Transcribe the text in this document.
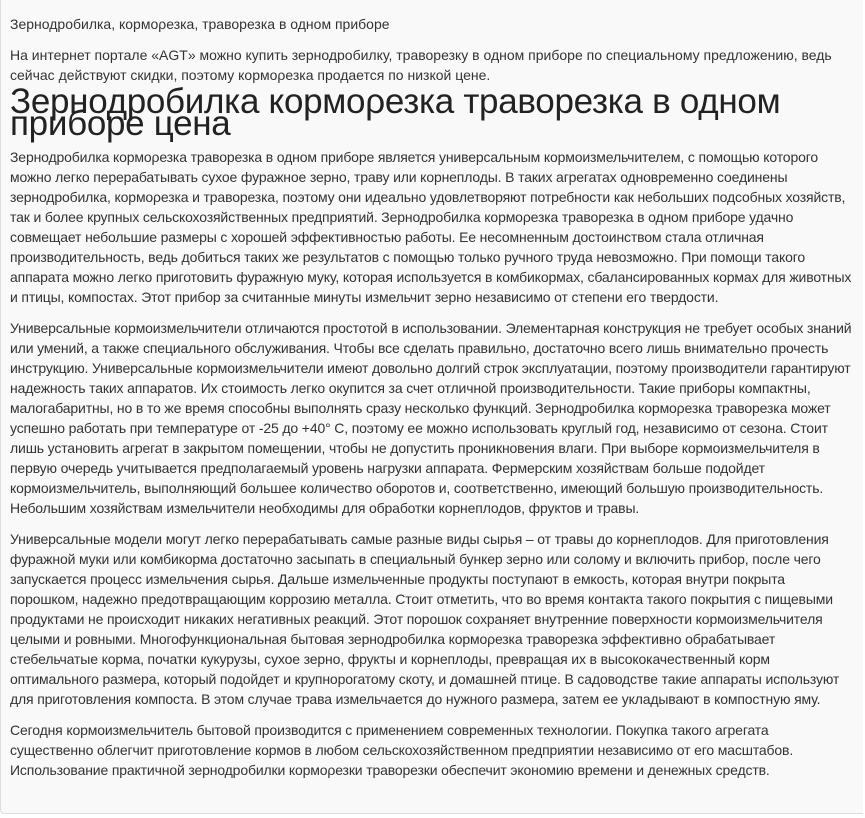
Зернодробилка, кормορезка, траворезка в одном приборе

На интернет портале «AGT» можно купить зернодробилку, траворезку в одном приборе по специальному предложению, ведь сейчас действуют скидки, поэтому кормορезка продается по низкой цене.

Зернодробилка кормορезка траворезка в одном приборе цена

Зернодробилка кормορезка траворезка в одном приборе является универсальным кормоизмельчителем, с помощью которого можно легко перерабатывать сухое фуражное зерно, траву или корнеплоды. В таких агрегатах одновременно соединены зернодробилка, кормορезка и траворезка, поэтому они идеально удовлетворяют потребности как небольших подсобных хозяйств, так и более крупных сельскохозяйственных предприятий. Зернодробилка кормορезка траворезка в одном приборе удачно совмещает небольшие размеры с хорошей эффективностью работы. Ее несомненным достоинством стала отличная производительность, ведь добиться таких же результатов с помощью только ручного труда невозможно. При помощи такого аппарата можно легко приготовить фуражную муку, которая используется в комбикормах, сбалансированных кормах для животных и птицы, компостах. Этот прибор за считанные минуты измельчит зерно независимо от степени его твердости.

Универсальные кормоизмельчители отличаются простотой в использовании. Элементарная конструкция не требует особых знаний или умений, а также специального обслуживания. Чтобы все сделать правильно, достаточно всего лишь внимательно прочесть инструкцию. Универсальные кормоизмельчители имеют довольно долгий строк эксплуатации, поэтому производители гарантируют надежность таких аппаратов. Их стоимость легко окупится за счет отличной производительности. Такие приборы компактны, малогабаритны, но в то же время способны выполнять сразу несколько функций. Зернодробилка кормορезка траворезка может успешно работать при температуре от -25 до +40° C, поэтому ее можно использовать круглый год, независимо от сезона. Стоит лишь установить агрегат в закрытом помещении, чтобы не допустить проникновения влаги. При выборе кормоизмельчителя в первую очередь учитывается предполагаемый уровень нагрузки аппарата. Фермерским хозяйствам больше подойдет кормоизмельчитель, выполняющий большее количество оборотов и, соответственно, имеющий большую производительность. Небольшим хозяйствам измельчители необходимы для обработки корнеплодов, фруктов и травы.

Универсальные модели могут легко перерабатывать самые разные виды сырья – от травы до корнеплодов. Для приготовления фуражной муки или комбикорма достаточно засыпать в специальный бункер зерно или солому и включить прибор, после чего запускается процесс измельчения сырья. Дальше измельченные продукты поступают в емкость, которая внутри покрыта порошком, надежно предотвращающим коррозию металла. Стоит отметить, что во время контакта такого покрытия с пищевыми продуктами не происходит никаких негативных реакций. Этот порошок сохраняет внутренние поверхности кормоизмельчителя целыми и ровными. Многофункциональная бытовая зернодробилка кормορезка траворезка эффективно обрабатывает стебельчатые корма, початки кукурузы, сухое зерно, фрукты и корнеплоды, превращая их в высококачественный корм оптимального размера, который подойдет и крупнорогатому скоту, и домашней птице. В садоводстве такие аппараты используют для приготовления компоста. В этом случае трава измельчается до нужного размера, затем ее укладывают в компостную яму.

Сегодня кормоизмельчитель бытовой производится с применением современных технологии. Покупка такого агрегата существенно облегчит приготовление кормов в любом сельскохозяйственном предприятии независимо от его масштабов. Использование практичной зернодробилки кормορезки траворезки обеспечит экономию времени и денежных средств.
